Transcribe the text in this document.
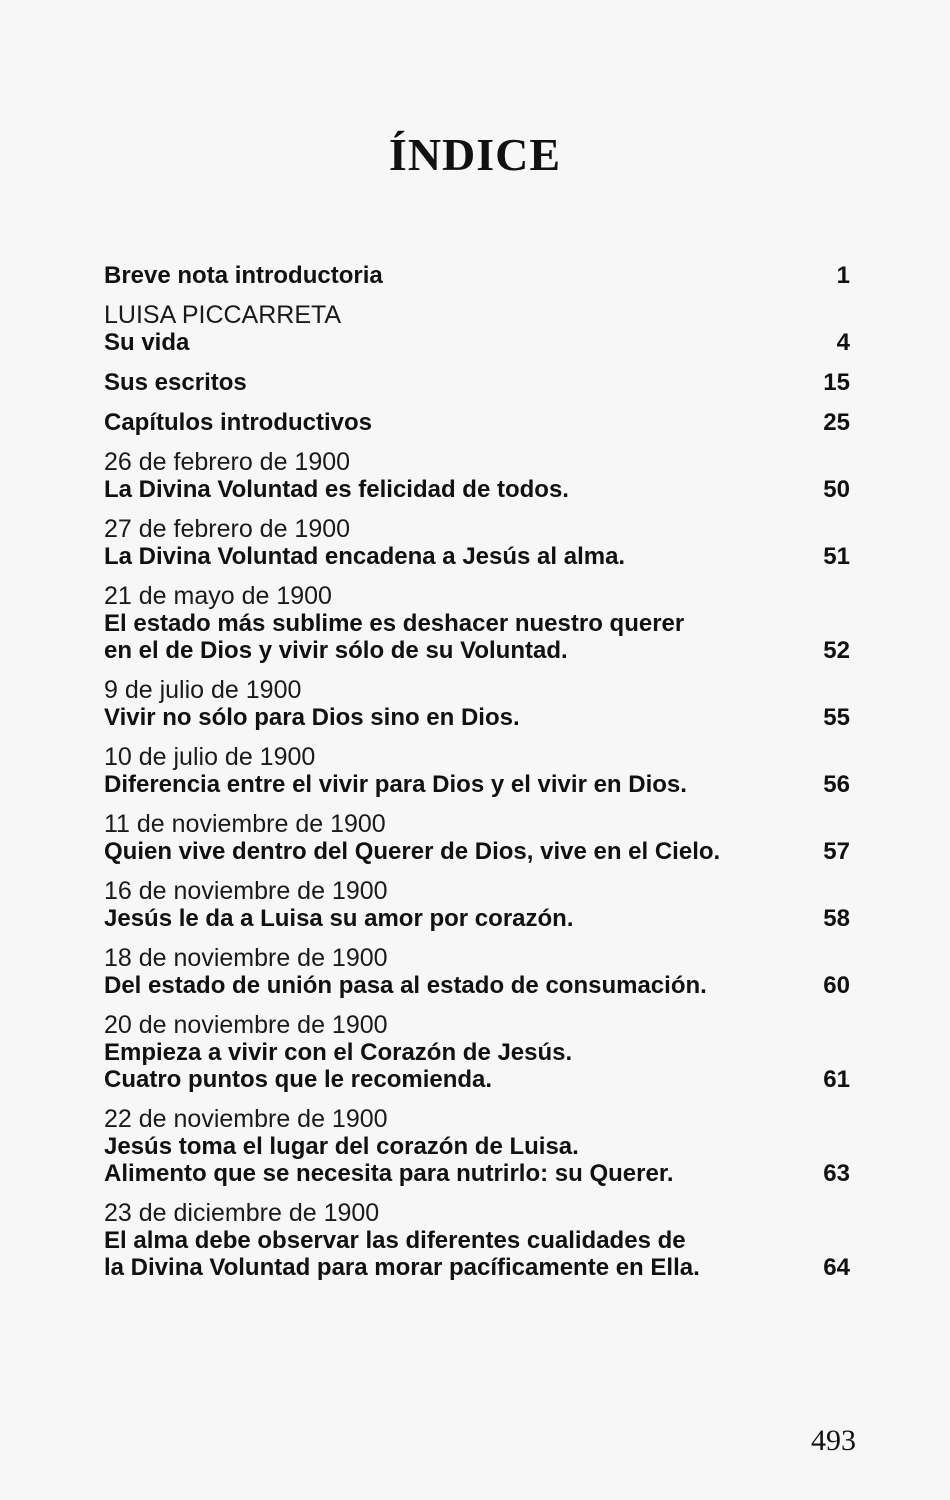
ÍNDICE
Breve nota introductoria	1
LUISA PICCARRETA
Su vida	4
Sus escritos	15
Capítulos introductivos	25
26 de febrero de 1900
La Divina Voluntad es felicidad de todos.	50
27 de febrero de 1900
La Divina Voluntad encadena a Jesús al alma.	51
21 de mayo de 1900
El estado más sublime es deshacer nuestro querer
en el de Dios y vivir sólo de su Voluntad.	52
9 de julio de 1900
Vivir no sólo para Dios sino en Dios.	55
10 de julio de 1900
Diferencia entre el vivir para Dios y el vivir en Dios.	56
11 de noviembre de 1900
Quien vive dentro del Querer de Dios, vive en el Cielo.	57
16 de noviembre de 1900
Jesús le da a Luisa su amor por corazón.	58
18 de noviembre de 1900
Del estado de unión pasa al estado de consumación.	60
20 de noviembre de 1900
Empieza a vivir con el Corazón de Jesús.
Cuatro puntos que le recomienda.	61
22 de noviembre de 1900
Jesús toma el lugar del corazón de Luisa.
Alimento que se necesita para nutrirlo: su Querer.	63
23 de diciembre de 1900
El alma debe observar las diferentes cualidades de
la Divina Voluntad para morar pacíficamente en Ella.	64
493
